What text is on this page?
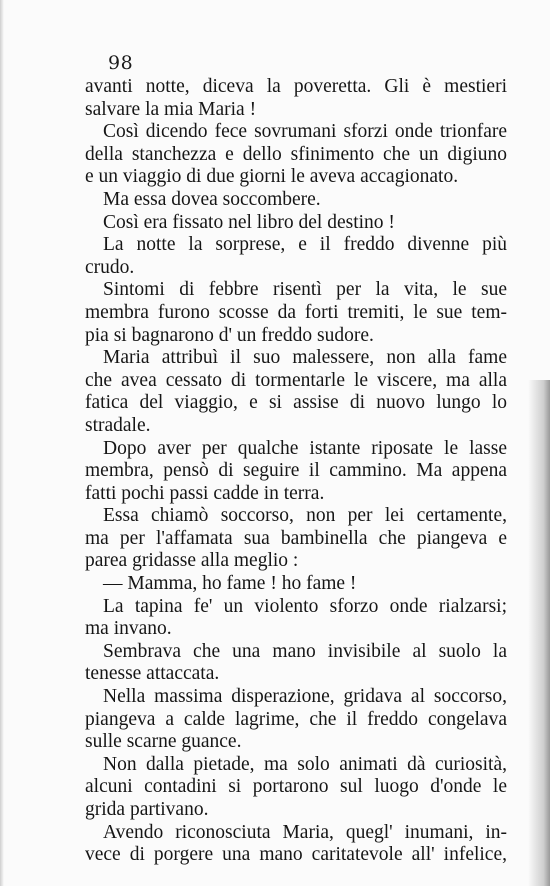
98
avanti notte, diceva la poveretta. Gli è mestieri
salvare la mia Maria !
Così dicendo fece sovrumani sforzi onde trionfare
della stanchezza e dello sfinimento che un digiuno
e un viaggio di due giorni le aveva accagionato.
Ma essa dovea soccombere.
Così era fissato nel libro del destino !
La notte la sorprese, e il freddo divenne più
crudo.
Sintomi di febbre risentì per la vita, le sue
membra furono scosse da forti tremiti, le sue tem-
pia si bagnarono d' un freddo sudore.
Maria attribuì il suo malessere, non alla fame
che avea cessato di tormentarle le viscere, ma alla
fatica del viaggio, e si assise di nuovo lungo lo
stradale.
Dopo aver per qualche istante riposate le lasse
membra, pensò di seguire il cammino. Ma appena
fatti pochi passi cadde in terra.
Essa chiamò soccorso, non per lei certamente,
ma per l'affamata sua bambinella che piangeva e
parea gridasse alla meglio :
— Mamma, ho fame ! ho fame !
La tapina fe' un violento sforzo onde rialzarsi;
ma invano.
Sembrava che una mano invisibile al suolo la
tenesse attaccata.
Nella massima disperazione, gridava al soccorso,
piangeva a calde lagrime, che il freddo congelava
sulle scarne guance.
Non dalla pietade, ma solo animati dà curiosità,
alcuni contadini si portarono sul luogo d'onde le
grida partivano.
Avendo riconosciuta Maria, quegl' inumani, in-
vece di porgere una mano caritatevole all' infelice,
